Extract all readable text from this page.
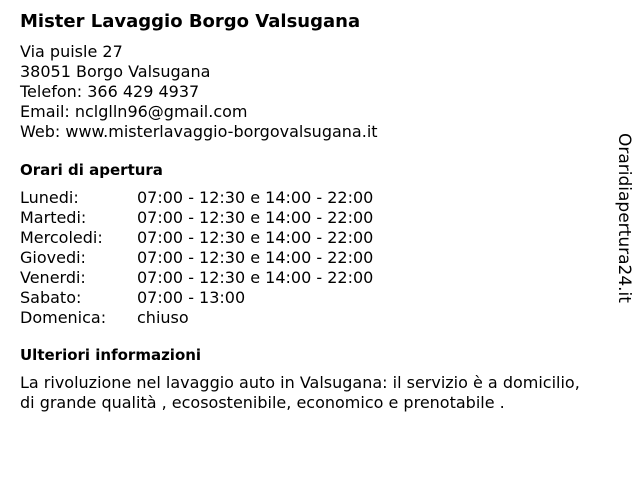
Mister Lavaggio Borgo Valsugana
Via puisle 27
38051 Borgo Valsugana
Telefon: 366 429 4937
Email: nclglln96@gmail.com
Web: www.misterlavaggio-borgovalsugana.it
Orari di apertura
Lunedi:	07:00 - 12:30 e 14:00 - 22:00
Martedi:	07:00 - 12:30 e 14:00 - 22:00
Mercoledi:	07:00 - 12:30 e 14:00 - 22:00
Giovedi:	07:00 - 12:30 e 14:00 - 22:00
Venerdi:	07:00 - 12:30 e 14:00 - 22:00
Sabato:	07:00 - 13:00
Domenica:	chiuso
Ulteriori informazioni
La rivoluzione nel lavaggio auto in Valsugana: il servizio è a domicilio, di grande qualità , ecosostenibile, economico e prenotabile .
Oraridiapertura24.it
